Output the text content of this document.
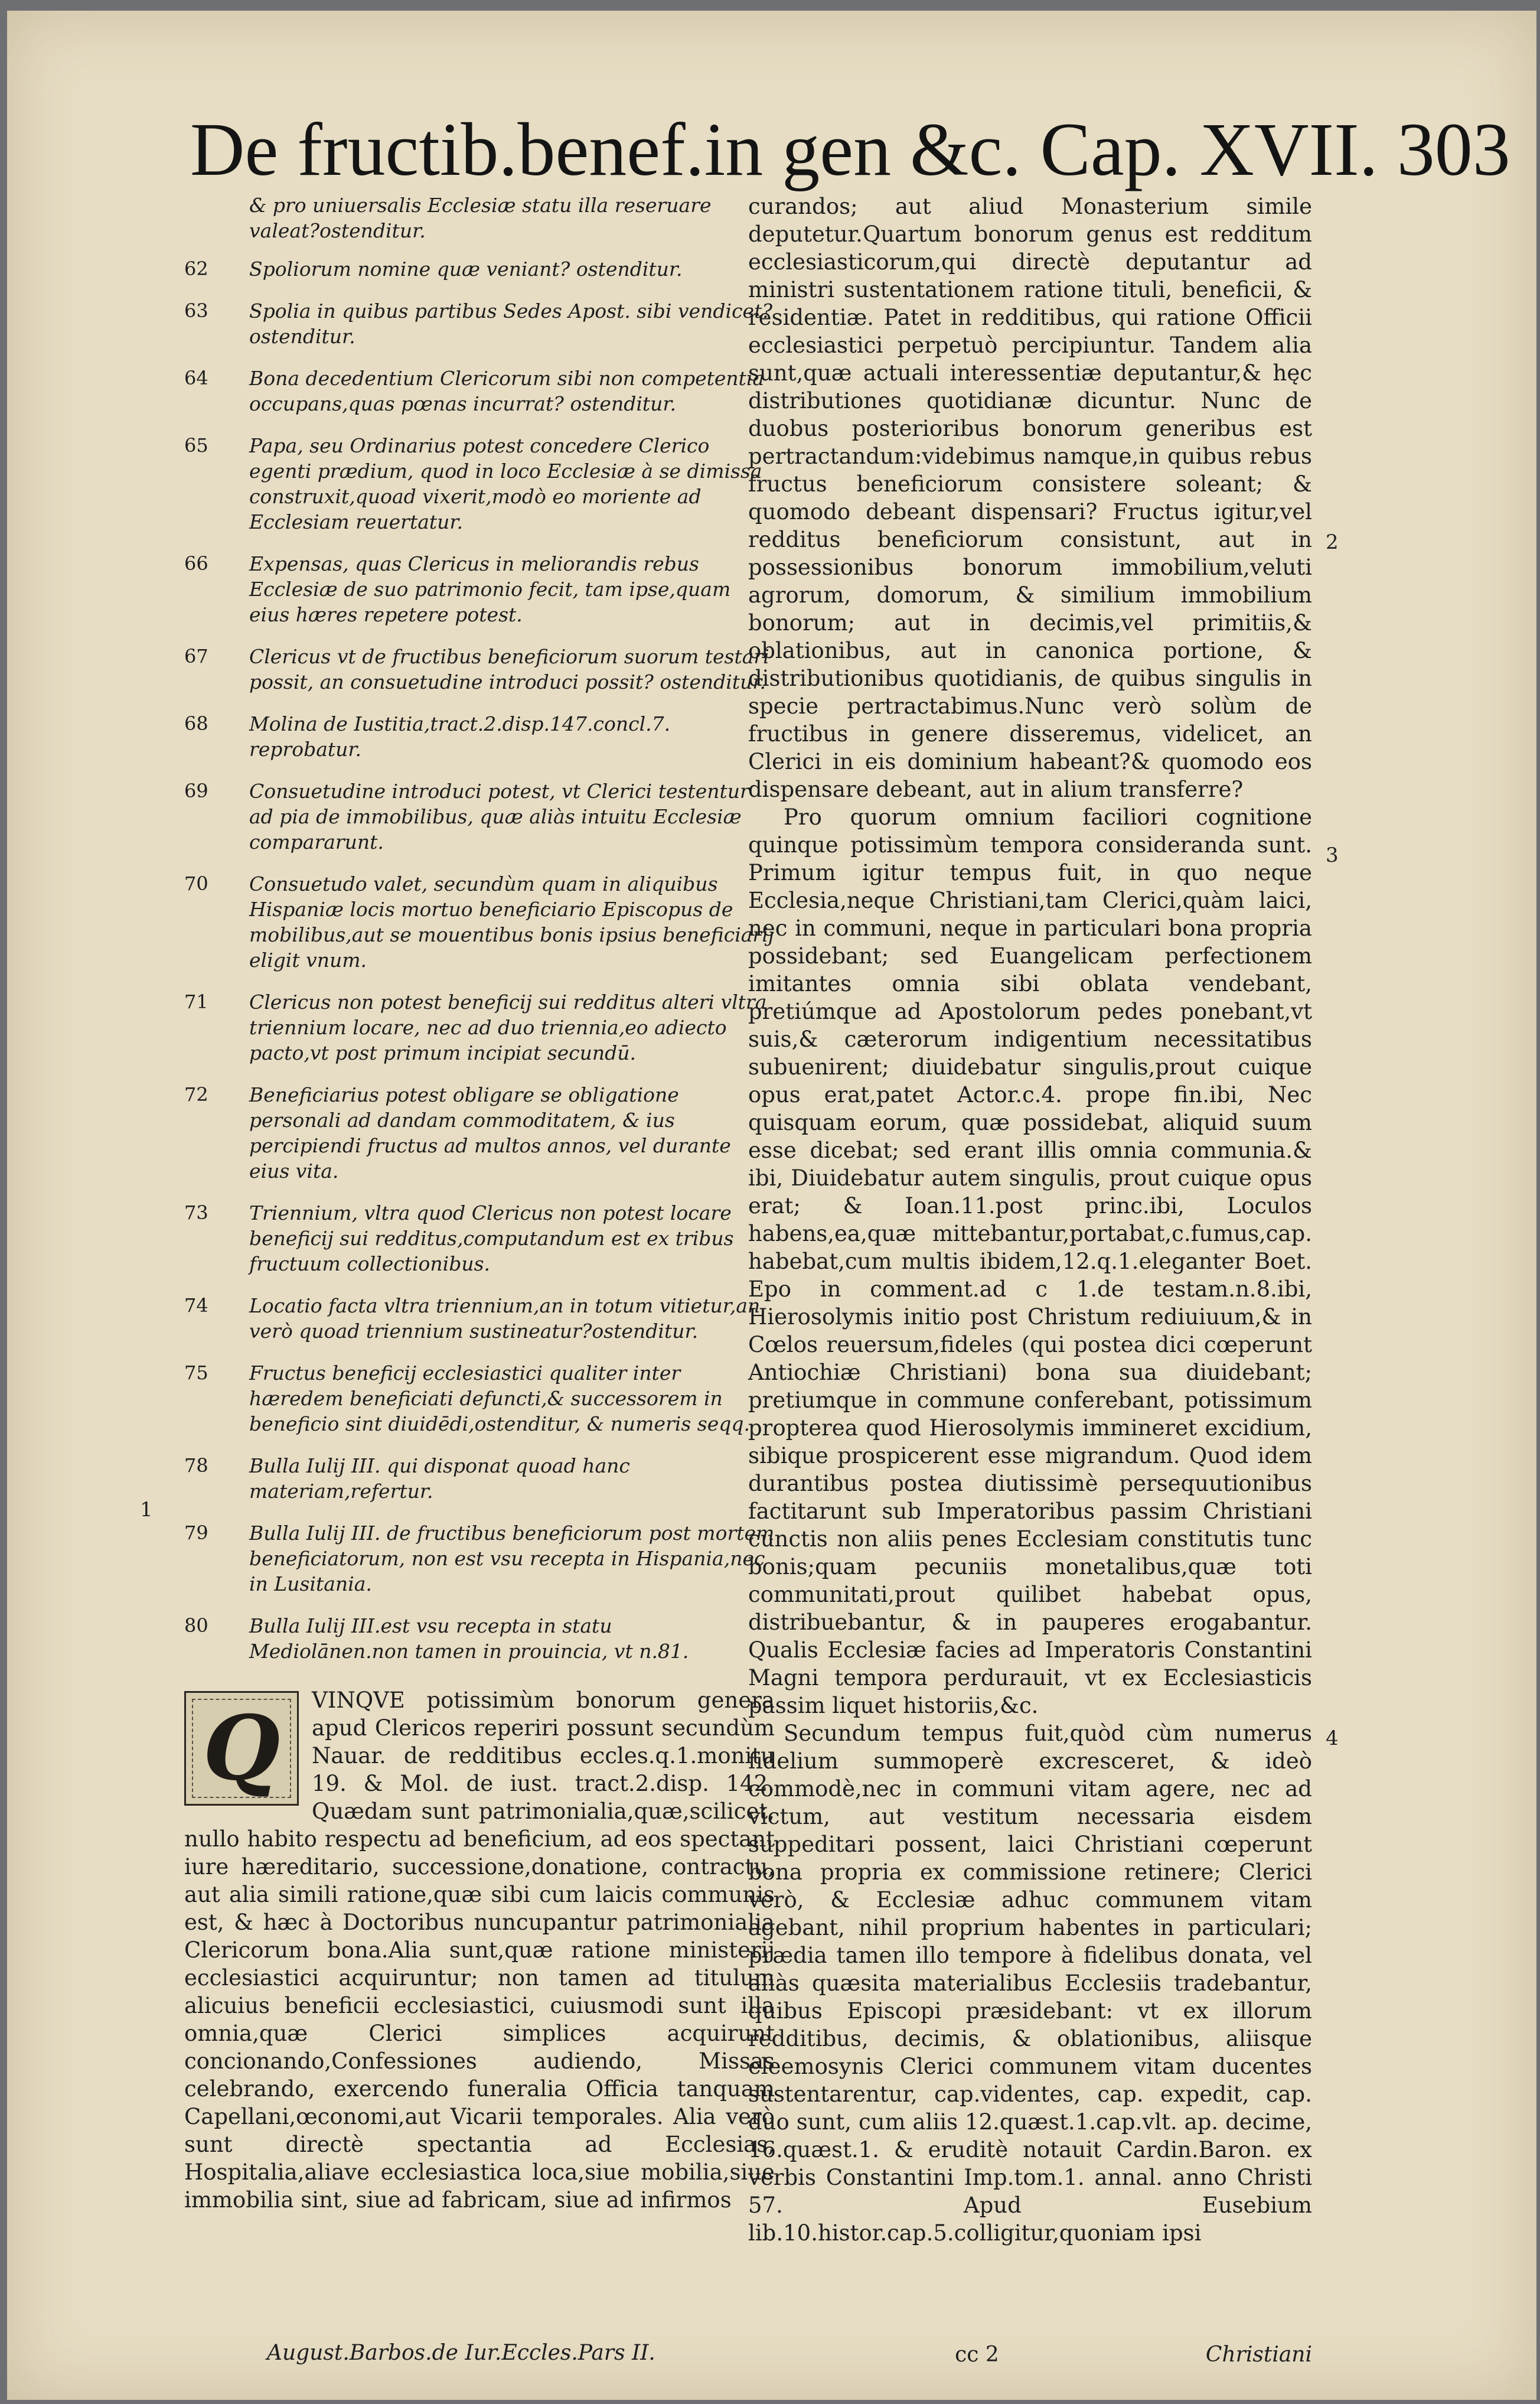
De fructib.benef.in gen &c. Cap. XVII. 303
& pro uniuersalis Ecclesiæ statu illa reseruare valeat?ostenditur.
62	Spoliorum nomine quæ veniant? ostenditur.
63	Spolia in quibus partibus Sedes Apost. sibi vendicet?ostenditur.
64	Bona decedentium Clericorum sibi non competentia occupans,quas pœnas incurrat? ostenditur.
65	Papa, seu Ordinarius potest concedere Clerico egenti prædium, quod in loco Ecclesiæ à se dimissa construxit,quoad vixerit,modò eo moriente ad Ecclesiam reuertatur.
66	Expensas, quas Clericus in meliorandis rebus Ecclesiæ de suo patrimonio fecit, tam ipse,quam eius hæres repetere potest.
67	Clericus vt de fructibus beneficiorum suorum testari possit, an consuetudine introduci possit? ostenditur.
68	Molina de Iustitia,tract.2.disp.147.concl.7. reprobatur.
69	Consuetudine introduci potest, vt Clerici testentur ad pia de immobilibus, quæ aliàs intuitu Ecclesiæ compararunt.
70	Consuetudo valet, secundùm quam in aliquibus Hispaniæ locis mortuo beneficiario Episcopus de mobilibus,aut se mouentibus bonis ipsius beneficiarij eligit vnum.
71	Clericus non potest beneficij sui redditus alteri vltra triennium locare, nec ad duo triennia,eo adiecto pacto,vt post primum incipiat secundū.
72	Beneficiarius potest obligare se obligatione personali ad dandam commoditatem, & ius percipiendi fructus ad multos annos, vel durante eius vita.
73	Triennium, vltra quod Clericus non potest locare beneficij sui redditus,computandum est ex tribus fructuum collectionibus.
74	Locatio facta vltra triennium,an in totum vitietur,an verò quoad triennium sustineatur?ostenditur.
75	Fructus beneficij ecclesiastici qualiter inter hæredem beneficiati defuncti,& successorem in beneficio sint diuidēdi,ostenditur, & numeris seqq.
78	Bulla Iulij III. qui disponat quoad hanc materiam,refertur.
79	Bulla Iulij III. de fructibus beneficiorum post mortem beneficiatorum, non est vsu recepta in Hispania,nec in Lusitania.
80	Bulla Iulij III.est vsu recepta in statu Mediolānen.non tamen in prouincia, vt n.81.
Q	VINQVE potissimùm bonorum genera apud Clericos reperiri possunt secundùm Nauar. de redditibus eccles.q.1.monitu 19. & Mol. de iust. tract.2.disp. 142. Quædam sunt patrimonialia,quæ,scilicet, nullo habito respectu ad beneficium, ad eos spectant iure hæreditario, successione,donatione, contractu, aut alia simili ratione,quæ sibi cum laicis communis est, & hæc à Doctoribus nuncupantur patrimonialia Clericorum bona.Alia sunt,quæ ratione ministerij ecclesiastici acquiruntur; non tamen ad titulum alicuius beneficii ecclesiastici, cuiusmodi sunt illa omnia,quæ Clerici simplices acquirunt concionando,Confessiones audiendo, Missas celebrando, exercendo funeralia Officia tanquam Capellani,œconomi,aut Vicarii temporales. Alia verò sunt directè spectantia ad Ecclesias, Hospitalia,aliave ecclesiastica loca,siue mobilia,siue immobilia sint, siue ad fabricam, siue ad infirmos

1

curandos; aut aliud Monasterium simile deputetur.Quartum bonorum genus est redditum ecclesiasticorum,qui directè deputantur ad ministri sustentationem ratione tituli, beneficii, & residentiæ. Patet in redditibus, qui ratione Officii ecclesiastici perpetuò percipiuntur. Tandem alia sunt,quæ actuali interessentiæ deputantur,& hęc distributiones quotidianæ dicuntur. Nunc de duobus posterioribus bonorum generibus est pertractandum:videbimus namque,in quibus rebus fructus beneficiorum consistere soleant; & quomodo debeant dispensari? Fructus igitur,vel redditus beneficiorum consistunt, aut in possessionibus bonorum immobilium,veluti agrorum, domorum, & similium immobilium bonorum; aut in decimis,vel primitiis,& oblationibus, aut in canonica portione, & distributionibus quotidianis, de quibus singulis in specie pertractabimus.Nunc verò solùm de fructibus in genere disseremus, videlicet, an Clerici in eis dominium habeant?& quomodo eos dispensare debeant, aut in alium transferre?

Pro quorum omnium faciliori cognitione quinque potissimùm tempora consideranda sunt. Primum igitur tempus fuit, in quo neque Ecclesia,neque Christiani,tam Clerici,quàm laici, nec in communi, neque in particulari bona propria possidebant; sed Euangelicam perfectionem imitantes omnia sibi oblata vendebant, pretiúmque ad Apostolorum pedes ponebant,vt suis,& cæterorum indigentium necessitatibus subuenirent; diuidebatur singulis,prout cuique opus erat,patet Actor.c.4. prope fin.ibi, Nec quisquam eorum, quæ possidebat, aliquid suum esse dicebat; sed erant illis omnia communia.& ibi, Diuidebatur autem singulis, prout cuique opus erat; & Ioan.11.post princ.ibi, Loculos habens,ea,quæ mittebantur,portabat,c.fumus,cap. habebat,cum multis ibidem,12.q.1.eleganter Boet. Epo in comment.ad c 1.de testam.n.8.ibi, Hierosolymis initio post Christum rediuiuum,& in Cœlos reuersum,fideles (qui postea dici cœperunt Antiochiæ Christiani) bona sua diuidebant; pretiumque in commune conferebant, potissimum propterea quod Hierosolymis immineret excidium, sibique prospicerent esse migrandum. Quod idem durantibus postea diutissimè persequutionibus factitarunt sub Imperatoribus passim Christiani cunctis non aliis penes Ecclesiam constitutis tunc bonis;quam pecuniis monetalibus,quæ toti communitati,prout quilibet habebat opus, distribuebantur, & in pauperes erogabantur. Qualis Ecclesiæ facies ad Imperatoris Constantini Magni tempora perdurauit, vt ex Ecclesiasticis passim liquet historiis,&c.

Secundum tempus fuit,quòd cùm numerus fidelium summoperè excresceret, & ideò commodè,nec in communi vitam agere, nec ad victum, aut vestitum necessaria eisdem suppeditari possent, laici Christiani cœperunt bona propria ex commissione retinere; Clerici verò, & Ecclesiæ adhuc communem vitam agebant, nihil proprium habentes in particulari; prædia tamen illo tempore à fidelibus donata, vel aliàs quæsita materialibus Ecclesiis tradebantur, quibus Episcopi præsidebant: vt ex illorum redditibus, decimis, & oblationibus, aliisque eleemosynis Clerici communem vitam ducentes sustentarentur, cap.videntes, cap. expedit, cap. duo sunt, cum aliis 12.quæst.1.cap.vlt. ap. decime, 16.quæst.1. & eruditè notauit Cardin.Baron. ex verbis Constantini Imp.tom.1. annal. anno Christi 57. Apud Eusebium lib.10.histor.cap.5.colligitur,quoniam ipsi

2
3
4
August.Barbos.de Iur.Eccles.Pars II.	cc 2	Christiani
